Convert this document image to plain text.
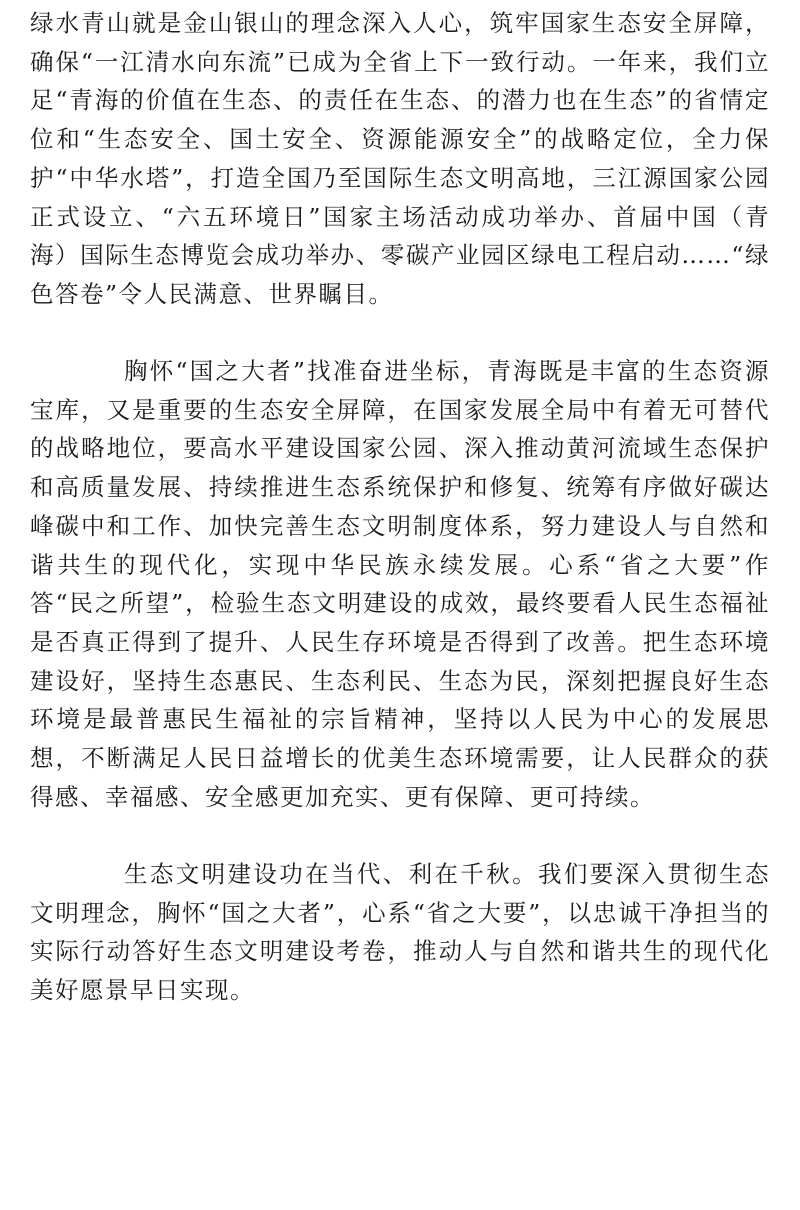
绿水青山就是金山银山的理念深入人心，筑牢国家生态安全屏障，确保“一江清水向东流”已成为全省上下一致行动。一年来，我们立足“青海的价值在生态、的责任在生态、的潜力也在生态”的省情定位和“生态安全、国土安全、资源能源安全”的战略定位，全力保护“中华水塔”，打造全国乃至国际生态文明高地，三江源国家公园正式设立、“六五环境日”国家主场活动成功举办、首届中国（青海）国际生态博览会成功举办、零碳产业园区绿电工程启动……“绿色答卷”令人民满意、世界瞩目。

胸怀“国之大者”找准奋进坐标，青海既是丰富的生态资源宝库，又是重要的生态安全屏障，在国家发展全局中有着无可替代的战略地位，要高水平建设国家公园、深入推动黄河流域生态保护和高质量发展、持续推进生态系统保护和修复、统筹有序做好碳达峰碳中和工作、加快完善生态文明制度体系，努力建设人与自然和谐共生的现代化，实现中华民族永续发展。心系“省之大要”作答“民之所望”，检验生态文明建设的成效，最终要看人民生态福祉是否真正得到了提升、人民生存环境是否得到了改善。把生态环境建设好，坚持生态惠民、生态利民、生态为民，深刻把握良好生态环境是最普惠民生福祉的宗旨精神，坚持以人民为中心的发展思想，不断满足人民日益增长的优美生态环境需要，让人民群众的获得感、幸福感、安全感更加充实、更有保障、更可持续。

生态文明建设功在当代、利在千秋。我们要深入贯彻生态文明理念，胸怀“国之大者”，心系“省之大要”，以忠诚干净担当的实际行动答好生态文明建设考卷，推动人与自然和谐共生的现代化美好愿景早日实现。
